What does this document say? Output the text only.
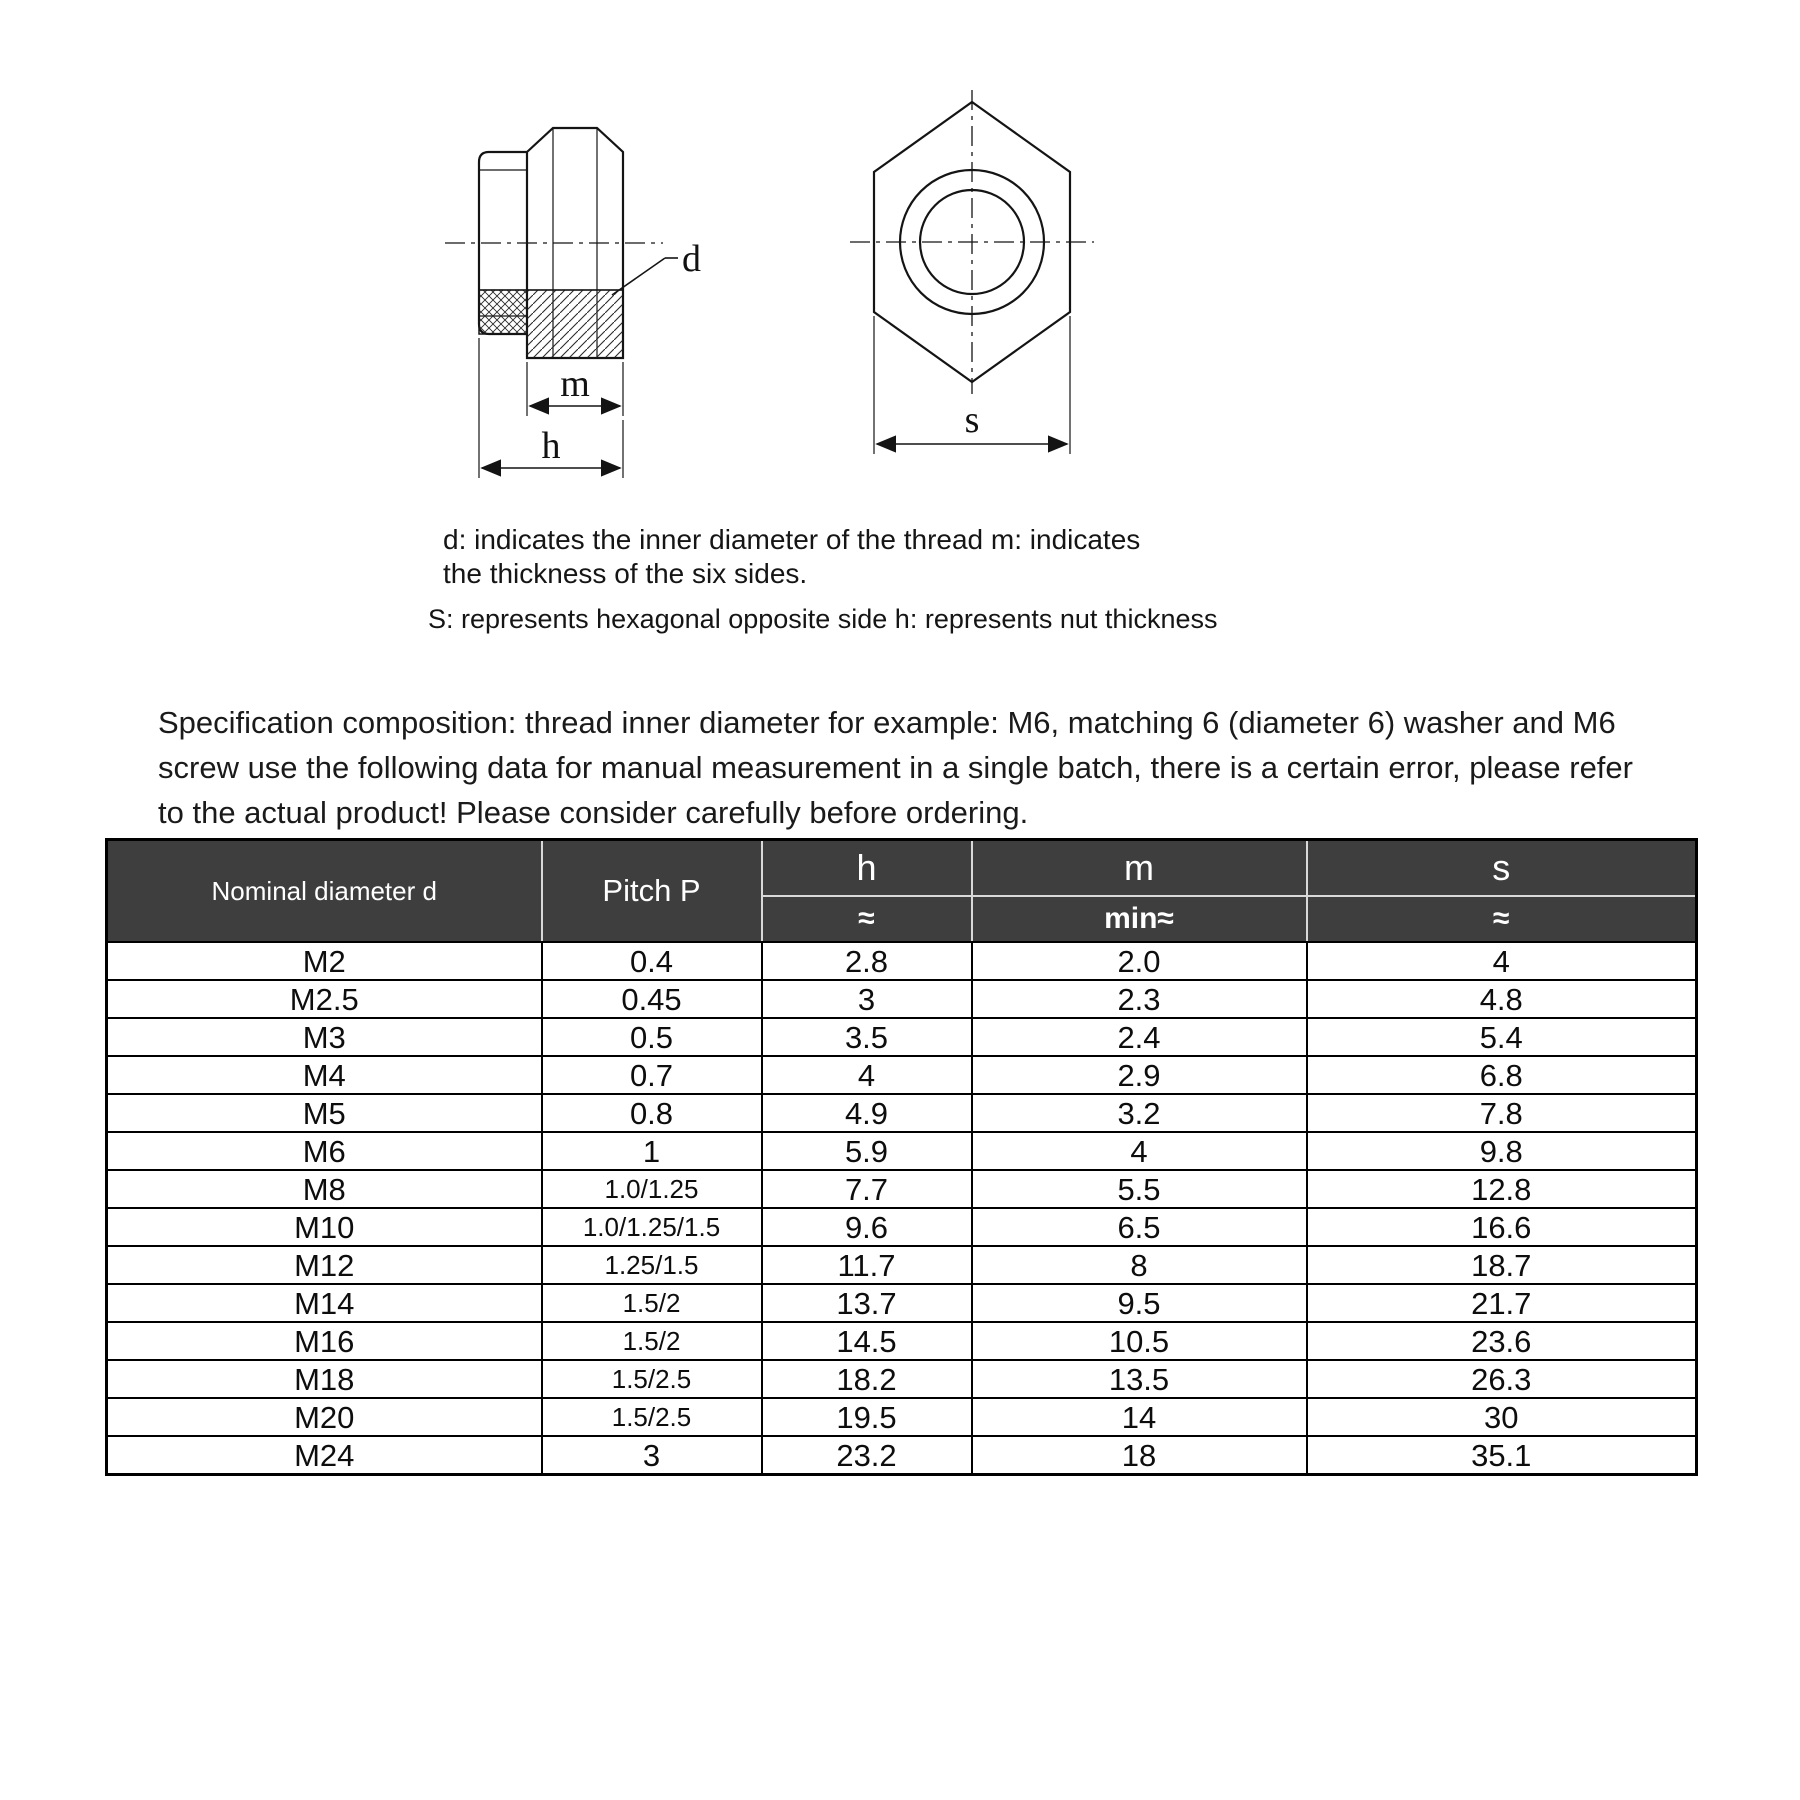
d
m
h
s
d: indicates the inner diameter of the thread m: indicates
the thickness of the six sides.
S: represents hexagonal opposite side h: represents nut thickness
Specification composition: thread inner diameter for example: M6, matching 6 (diameter 6) washer and M6 screw use the following data for manual measurement in a single batch, there is a certain error, please refer to the actual product! Please consider carefully before ordering.
Nominal diameter d	Pitch P	h	m	s
		≈	min≈	≈
M2	0.4	2.8	2.0	4
M2.5	0.45	3	2.3	4.8
M3	0.5	3.5	2.4	5.4
M4	0.7	4	2.9	6.8
M5	0.8	4.9	3.2	7.8
M6	1	5.9	4	9.8
M8	1.0/1.25	7.7	5.5	12.8
M10	1.0/1.25/1.5	9.6	6.5	16.6
M12	1.25/1.5	11.7	8	18.7
M14	1.5/2	13.7	9.5	21.7
M16	1.5/2	14.5	10.5	23.6
M18	1.5/2.5	18.2	13.5	26.3
M20	1.5/2.5	19.5	14	30
M24	3	23.2	18	35.1
